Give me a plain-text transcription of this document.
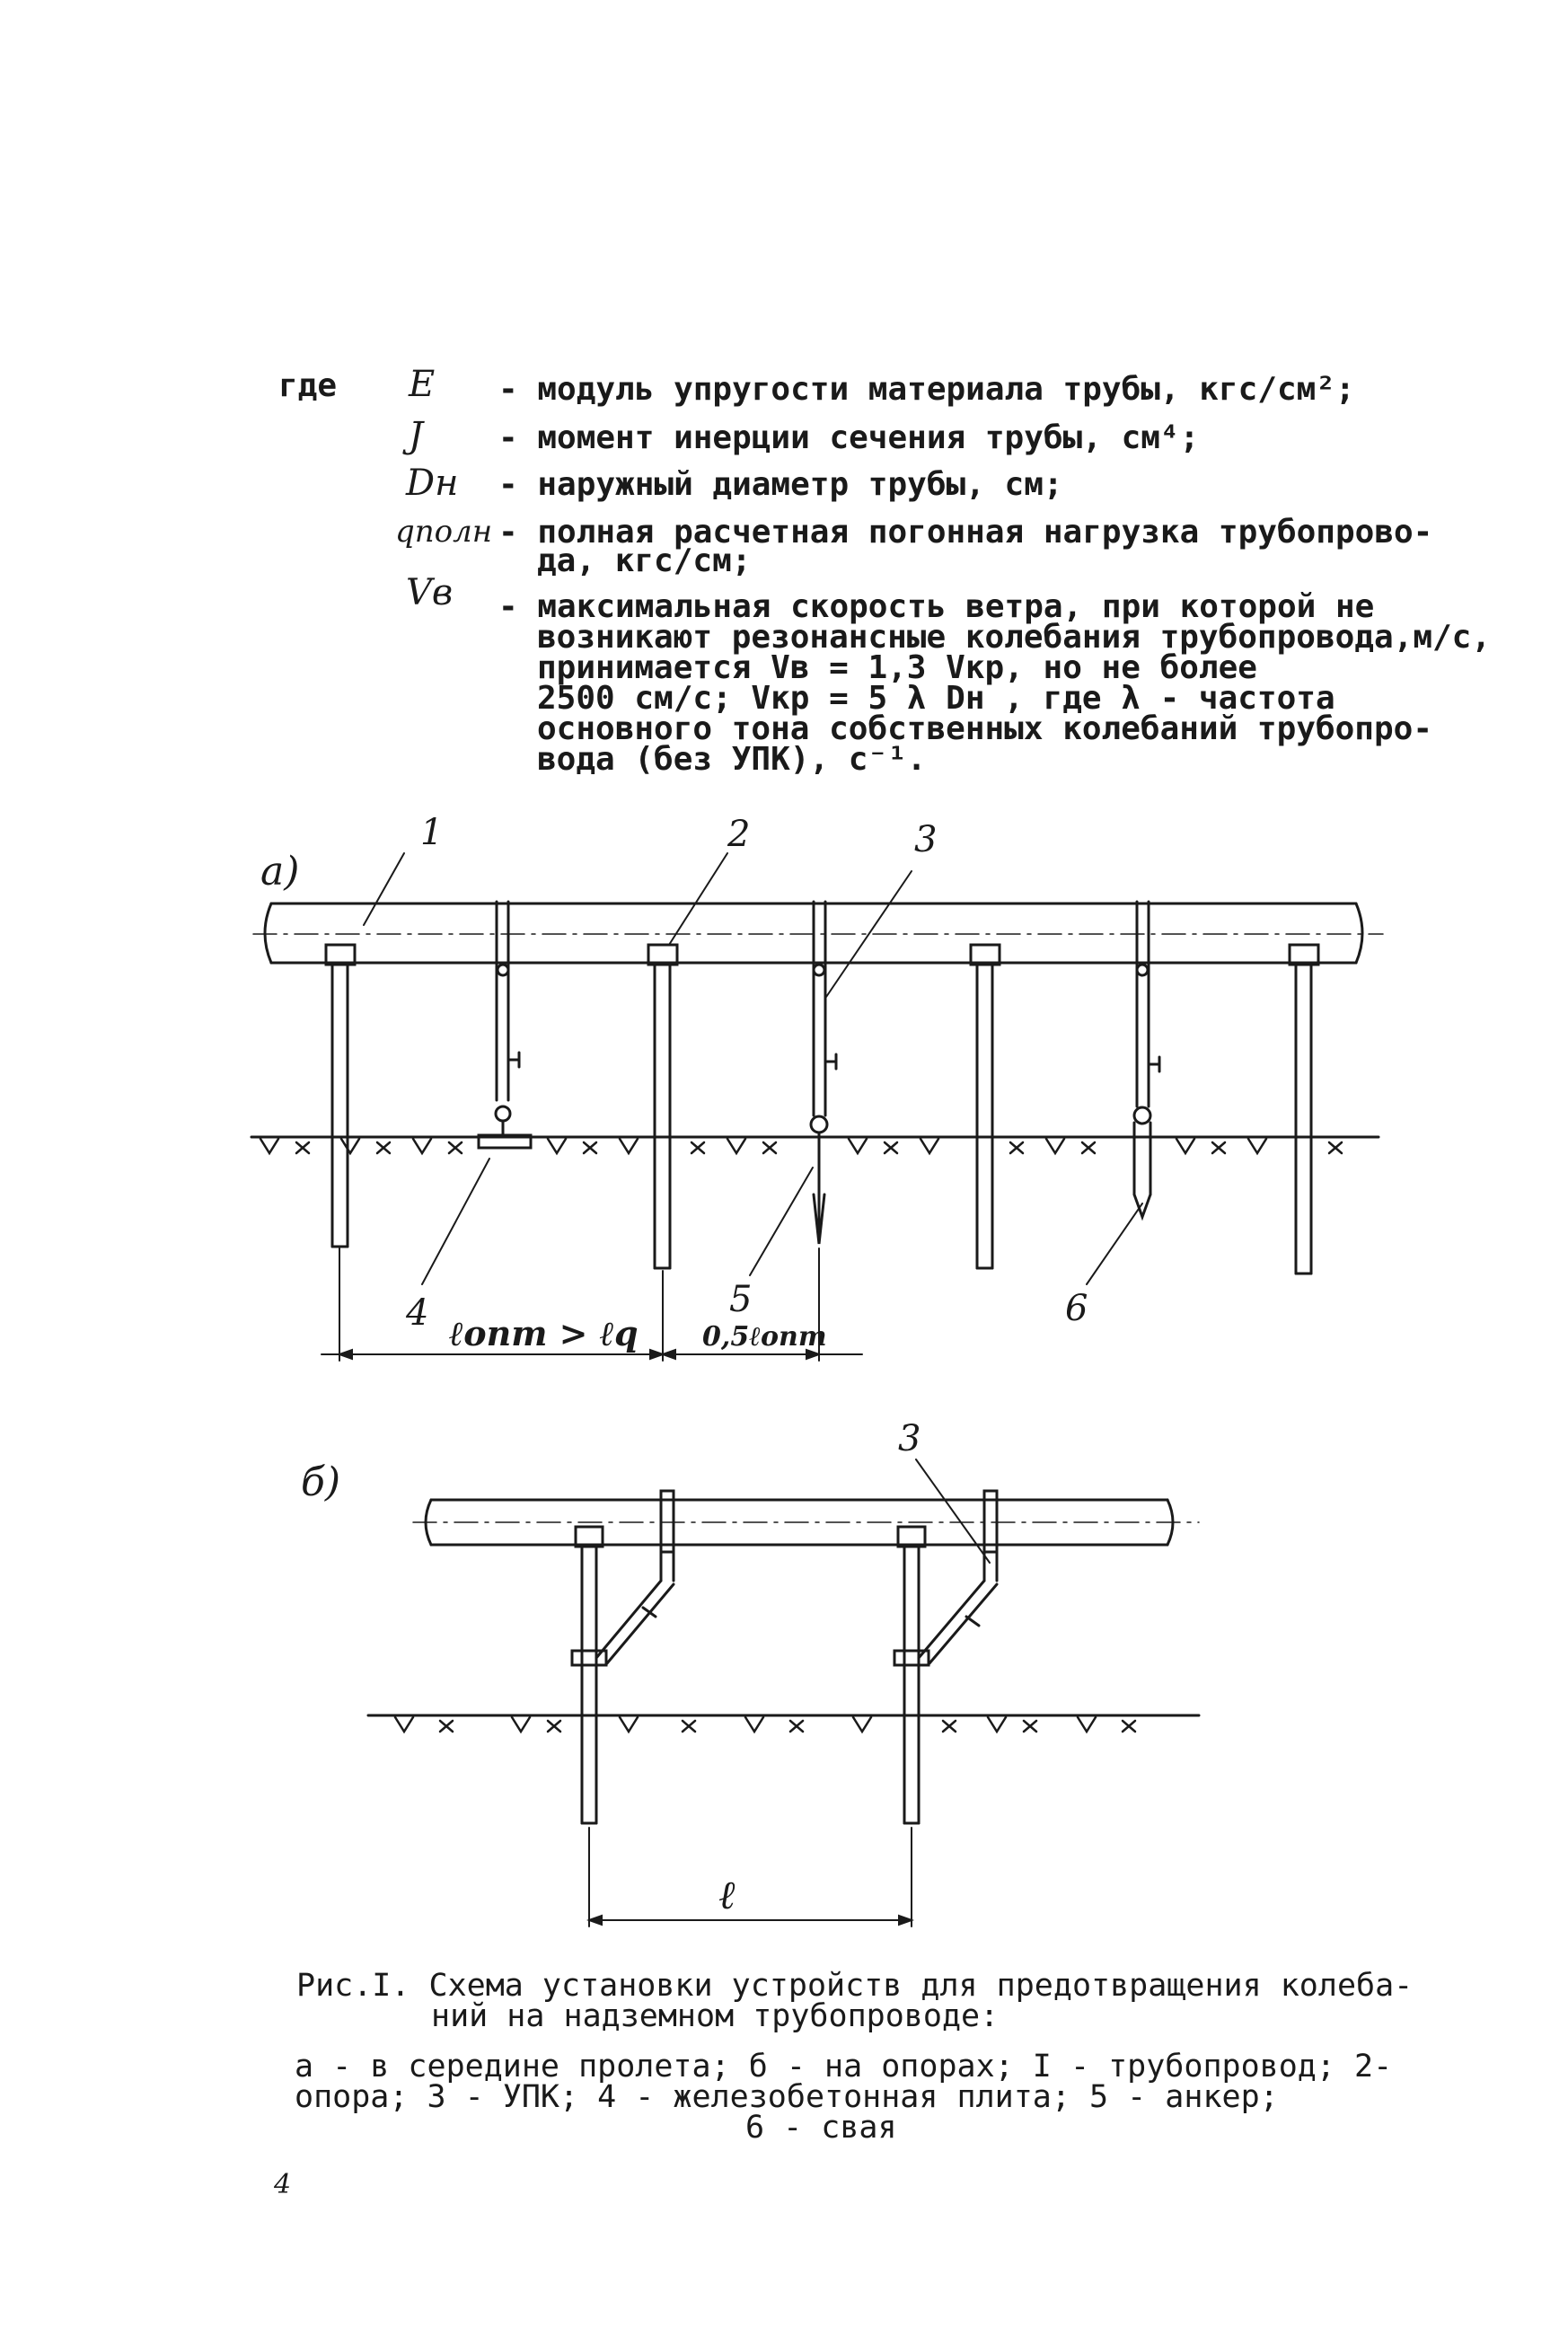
где E - модуль упругости материала трубы, кгс/см²;
J - момент инерции сечения трубы, см⁴;
Dн - наружный диаметр трубы, см;
qполн - полная расчетная погонная нагрузка трубопрово-
да, кгс/см;
Vв - максимальная скорость ветра, при которой не
возникают резонансные колебания трубопровода,м/с,
принимается Vв = 1,3 Vкр, но не более
2500 см/с; Vкр = 5 λ Dн , где λ - частота
основного тона собственных колебаний трубопро-
вода (без УПК), с⁻¹.
а)
1	2	3
4	5	6
ℓопт > ℓq 0,5ℓопт
б)
3
ℓ
Рис.I. Схема установки устройств для предотвращения колеба-
ний на надземном трубопроводе:
а - в середине пролета; б - на опорах; I - трубопровод; 2-
опора; 3 - УПК; 4 - железобетонная плита; 5 - анкер;
6 - свая
4
